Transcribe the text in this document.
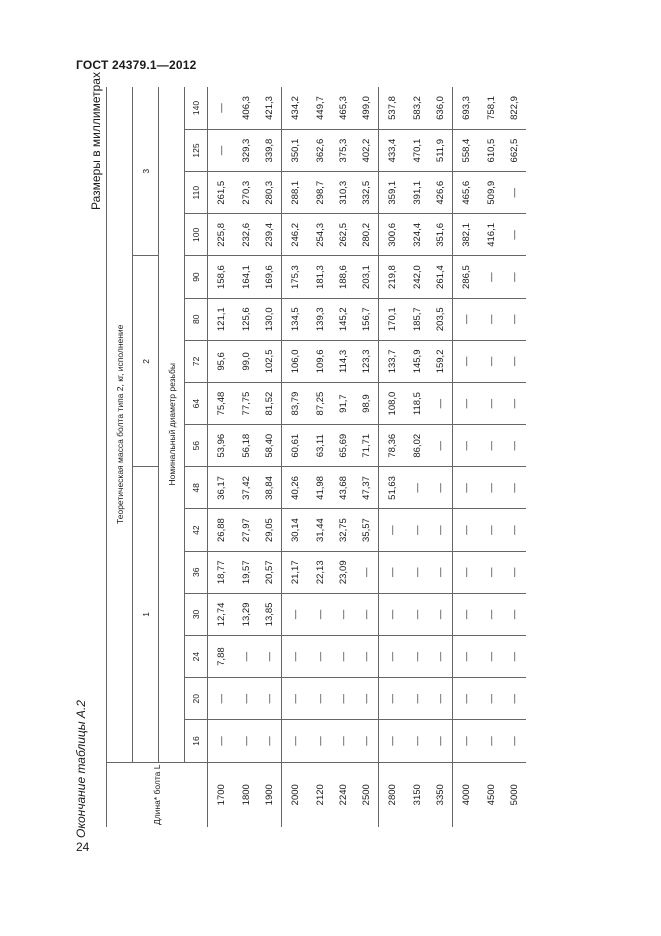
ГОСТ 24379.1—2012
24
Окончание таблицы А.2
Размеры в миллиметрах
Длина* болта L	Теоретическая масса болта типа 2, кг, исполнение															
	1							2					3			
	Номинальный диаметр резьбы															
	16	20	24	30	36	42	48	56	64	72	80	90	100	110	125	140
1700	—	—	7,88	12,74	18,77	26,88	36,17	53,96	75,48	95,6	121,1	158,6	225,8	261,5	—	—
1800	—	—	—	13,29	19,57	27,97	37,42	56,18	77,75	99,0	125,6	164,1	232,6	270,3	329,3	406,3
1900	—	—	—	13,85	20,57	29,05	38,84	58,40	81,52	102,5	130,0	169,6	239,4	280,3	339,8	421,3
2000	—	—	—	—	21,17	30,14	40,26	60,61	83,79	106,0	134,5	175,3	246,2	288,1	350,1	434,2
2120	—	—	—	—	22,13	31,44	41,98	63,11	87,25	109,6	139,3	181,3	254,3	298,7	362,6	449,7
2240	—	—	—	—	23,09	32,75	43,68	65,69	91,7	114,3	145,2	188,6	262,5	310,3	375,3	465,3
2500	—	—	—	—	—	35,57	47,37	71,71	98,9	123,3	156,7	203,1	280,2	332,5	402,2	499,0
2800	—	—	—	—	—	—	51,63	78,36	108,0	133,7	170,1	219,8	300,6	359,1	433,4	537,8
3150	—	—	—	—	—	—	—	86,02	118,5	145,9	185,7	242,0	324,4	391,1	470,1	583,2
3350	—	—	—	—	—	—	—	—	—	159,2	203,5	261,4	351,6	426,6	511,9	636,0
4000	—	—	—	—	—	—	—	—	—	—	—	286,5	382,1	465,6	558,4	693,3
4500	—	—	—	—	—	—	—	—	—	—	—	—	416,1	509,9	610,5	758,1
5000	—	—	—	—	—	—	—	—	—	—	—	—	—	—	662,5	822,9
